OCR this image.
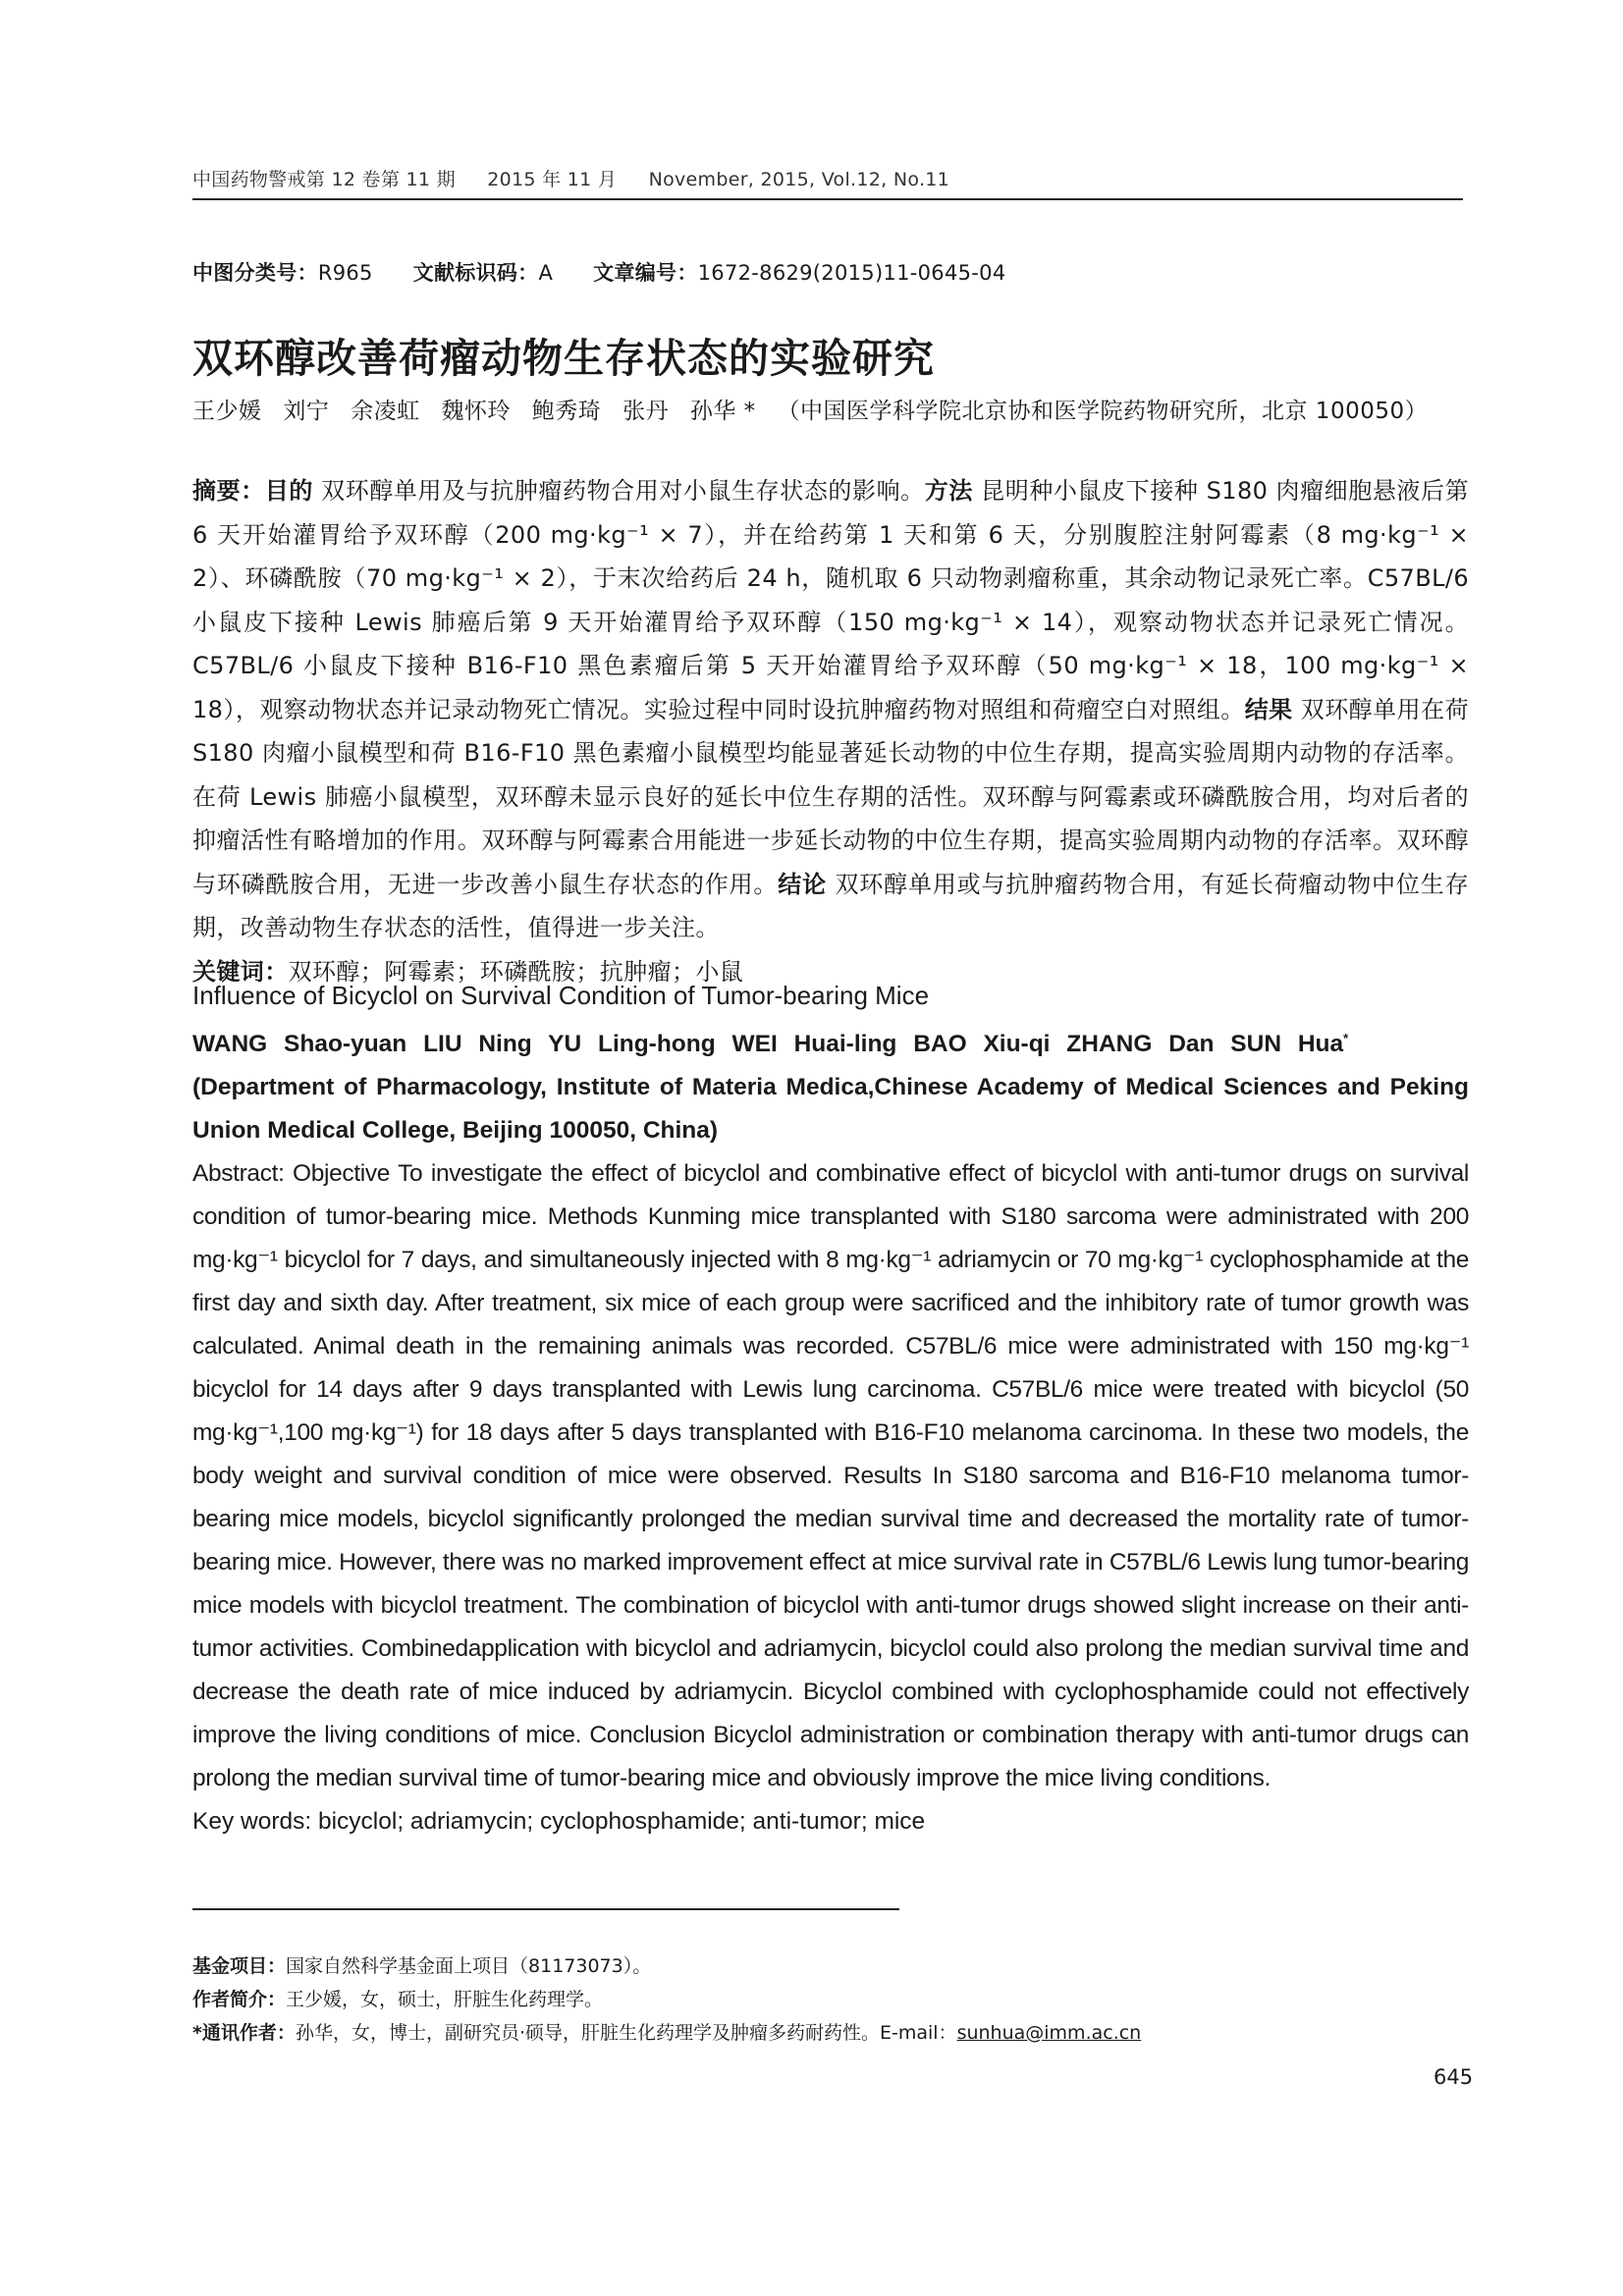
中国药物警戒第 12 卷第 11 期 2015 年 11 月 November, 2015, Vol.12, No.11
中图分类号：R965 文献标识码：A 文章编号：1672-8629(2015)11-0645-04
双环醇改善荷瘤动物生存状态的实验研究
王少媛 刘宁 余凌虹 魏怀玲 鲍秀琦 张丹 孙华 * （中国医学科学院北京协和医学院药物研究所，北京 100050）

摘要：目的 双环醇单用及与抗肿瘤药物合用对小鼠生存状态的影响。方法 昆明种小鼠皮下接种 S180 肉瘤细胞悬液后第 6 天开始灌胃给予双环醇（200 mg·kg⁻¹ × 7），并在给药第 1 天和第 6 天，分别腹腔注射阿霉素（8 mg·kg⁻¹ × 2）、环磷酰胺（70 mg·kg⁻¹ × 2），于末次给药后 24 h，随机取 6 只动物剥瘤称重，其余动物记录死亡率。C57BL/6 小鼠皮下接种 Lewis 肺癌后第 9 天开始灌胃给予双环醇（150 mg·kg⁻¹ × 14），观察动物状态并记录死亡情况。C57BL/6 小鼠皮下接种 B16-F10 黑色素瘤后第 5 天开始灌胃给予双环醇（50 mg·kg⁻¹ × 18，100 mg·kg⁻¹ × 18），观察动物状态并记录动物死亡情况。实验过程中同时设抗肿瘤药物对照组和荷瘤空白对照组。结果 双环醇单用在荷 S180 肉瘤小鼠模型和荷 B16-F10 黑色素瘤小鼠模型均能显著延长动物的中位生存期，提高实验周期内动物的存活率。在荷 Lewis 肺癌小鼠模型，双环醇未显示良好的延长中位生存期的活性。双环醇与阿霉素或环磷酰胺合用，均对后者的抑瘤活性有略增加的作用。双环醇与阿霉素合用能进一步延长动物的中位生存期，提高实验周期内动物的存活率。双环醇与环磷酰胺合用，无进一步改善小鼠生存状态的作用。结论 双环醇单用或与抗肿瘤药物合用，有延长荷瘤动物中位生存期，改善动物生存状态的活性，值得进一步关注。

关键词：双环醇；阿霉素；环磷酰胺；抗肿瘤；小鼠

Influence of Bicyclol on Survival Condition of Tumor-bearing Mice

WANG Shao-yuan LIU Ning YU Ling-hong WEI Huai-ling BAO Xiu-qi ZHANG Dan SUN Hua*

(Department of Pharmacology, Institute of Materia Medica,Chinese Academy of Medical Sciences and Peking Union Medical College, Beijing 100050, China)

Abstract: Objective To investigate the effect of bicyclol and combinative effect of bicyclol with anti-tumor drugs on survival condition of tumor-bearing mice. Methods Kunming mice transplanted with S180 sarcoma were administrated with 200 mg·kg⁻¹ bicyclol for 7 days, and simultaneously injected with 8 mg·kg⁻¹ adriamycin or 70 mg·kg⁻¹ cyclophosphamide at the first day and sixth day. After treatment, six mice of each group were sacrificed and the inhibitory rate of tumor growth was calculated. Animal death in the remaining animals was recorded. C57BL/6 mice were administrated with 150 mg·kg⁻¹ bicyclol for 14 days after 9 days transplanted with Lewis lung carcinoma. C57BL/6 mice were treated with bicyclol (50 mg·kg⁻¹,100 mg·kg⁻¹) for 18 days after 5 days transplanted with B16-F10 melanoma carcinoma. In these two models, the body weight and survival condition of mice were observed. Results In S180 sarcoma and B16-F10 melanoma tumor-bearing mice models, bicyclol significantly prolonged the median survival time and decreased the mortality rate of tumor-bearing mice. However, there was no marked improvement effect at mice survival rate in C57BL/6 Lewis lung tumor-bearing mice models with bicyclol treatment. The combination of bicyclol with anti-tumor drugs showed slight increase on their anti-tumor activities. Combinedapplication with bicyclol and adriamycin, bicyclol could also prolong the median survival time and decrease the death rate of mice induced by adriamycin. Bicyclol combined with cyclophosphamide could not effectively improve the living conditions of mice. Conclusion Bicyclol administration or combination therapy with anti-tumor drugs can prolong the median survival time of tumor-bearing mice and obviously improve the mice living conditions.

Key words: bicyclol; adriamycin; cyclophosphamide; anti-tumor; mice

基金项目：国家自然科学基金面上项目（81173073）。

作者简介：王少媛，女，硕士，肝脏生化药理学。

*通讯作者：孙华，女，博士，副研究员·硕导，肝脏生化药理学及肿瘤多药耐药性。E-mail：sunhua@imm.ac.cn

645
